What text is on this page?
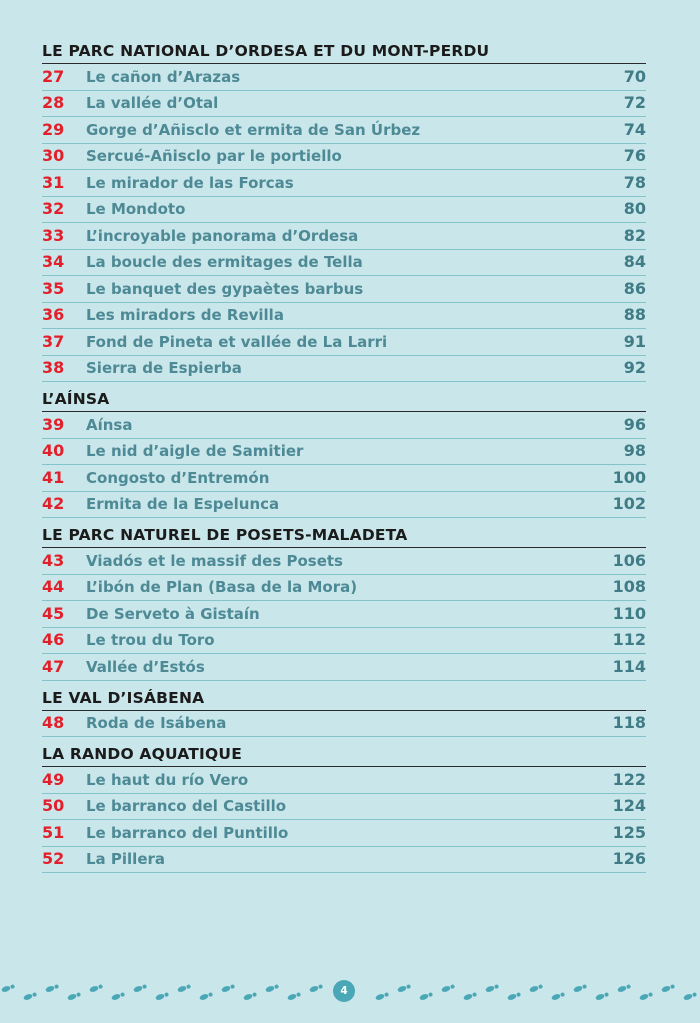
LE PARC NATIONAL D’ORDESA ET DU MONT-PERDU
27	Le cañon d’Arazas	70
28	La vallée d’Otal	72
29	Gorge d’Añisclo et ermita de San Úrbez	74
30	Sercué-Añisclo par le portiello	76
31	Le mirador de las Forcas	78
32	Le Mondoto	80
33	L’incroyable panorama d’Ordesa	82
34	La boucle des ermitages de Tella	84
35	Le banquet des gypaètes barbus	86
36	Les miradors de Revilla	88
37	Fond de Pineta et vallée de La Larri	91
38	Sierra de Espierba	92
L’AÍNSA
39	Aínsa	96
40	Le nid d’aigle de Samitier	98
41	Congosto d’Entremón	100
42	Ermita de la Espelunca	102
LE PARC NATUREL DE POSETS-MALADETA
43	Viadós et le massif des Posets	106
44	L’ibón de Plan (Basa de la Mora)	108
45	De Serveto à Gistaín	110
46	Le trou du Toro	112
47	Vallée d’Estós	114
LE VAL D’ISÁBENA
48	Roda de Isábena	118
LA RANDO AQUATIQUE
49	Le haut du río Vero	122
50	Le barranco del Castillo	124
51	Le barranco del Puntillo	125
52	La Pillera	126
4
